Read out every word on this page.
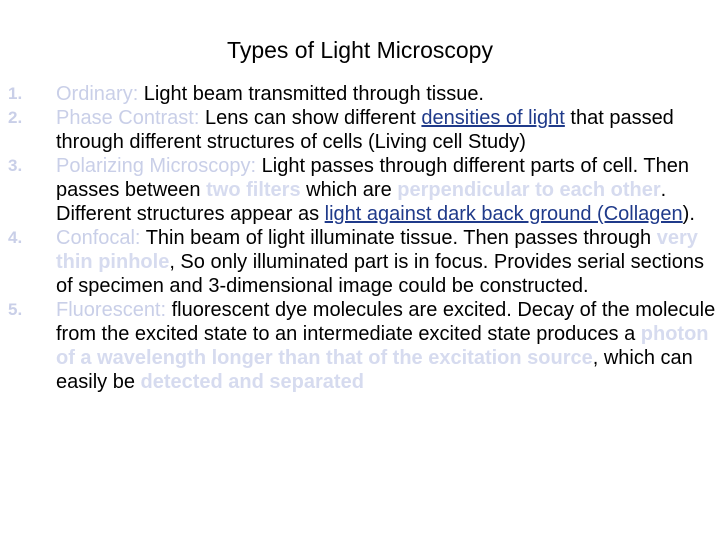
Types of Light Microscopy
1. Ordinary: Light beam transmitted through tissue.
2. Phase Contrast: Lens can show different densities of light that passed through different structures of cells (Living cell Study)
3. Polarizing Microscopy: Light passes through different parts of cell. Then passes between two filters which are perpendicular to each other. Different structures appear as light against dark back ground (Collagen).
4. Confocal: Thin beam of light illuminate tissue. Then passes through very thin pinhole, So only illuminated part is in focus. Provides serial sections of specimen and 3-dimensional image could be constructed.
5. Fluorescent: fluorescent dye molecules are excited. Decay of the molecule from the excited state to an intermediate excited state produces a photon of a wavelength longer than that of the excitation source, which can easily be detected and separated
